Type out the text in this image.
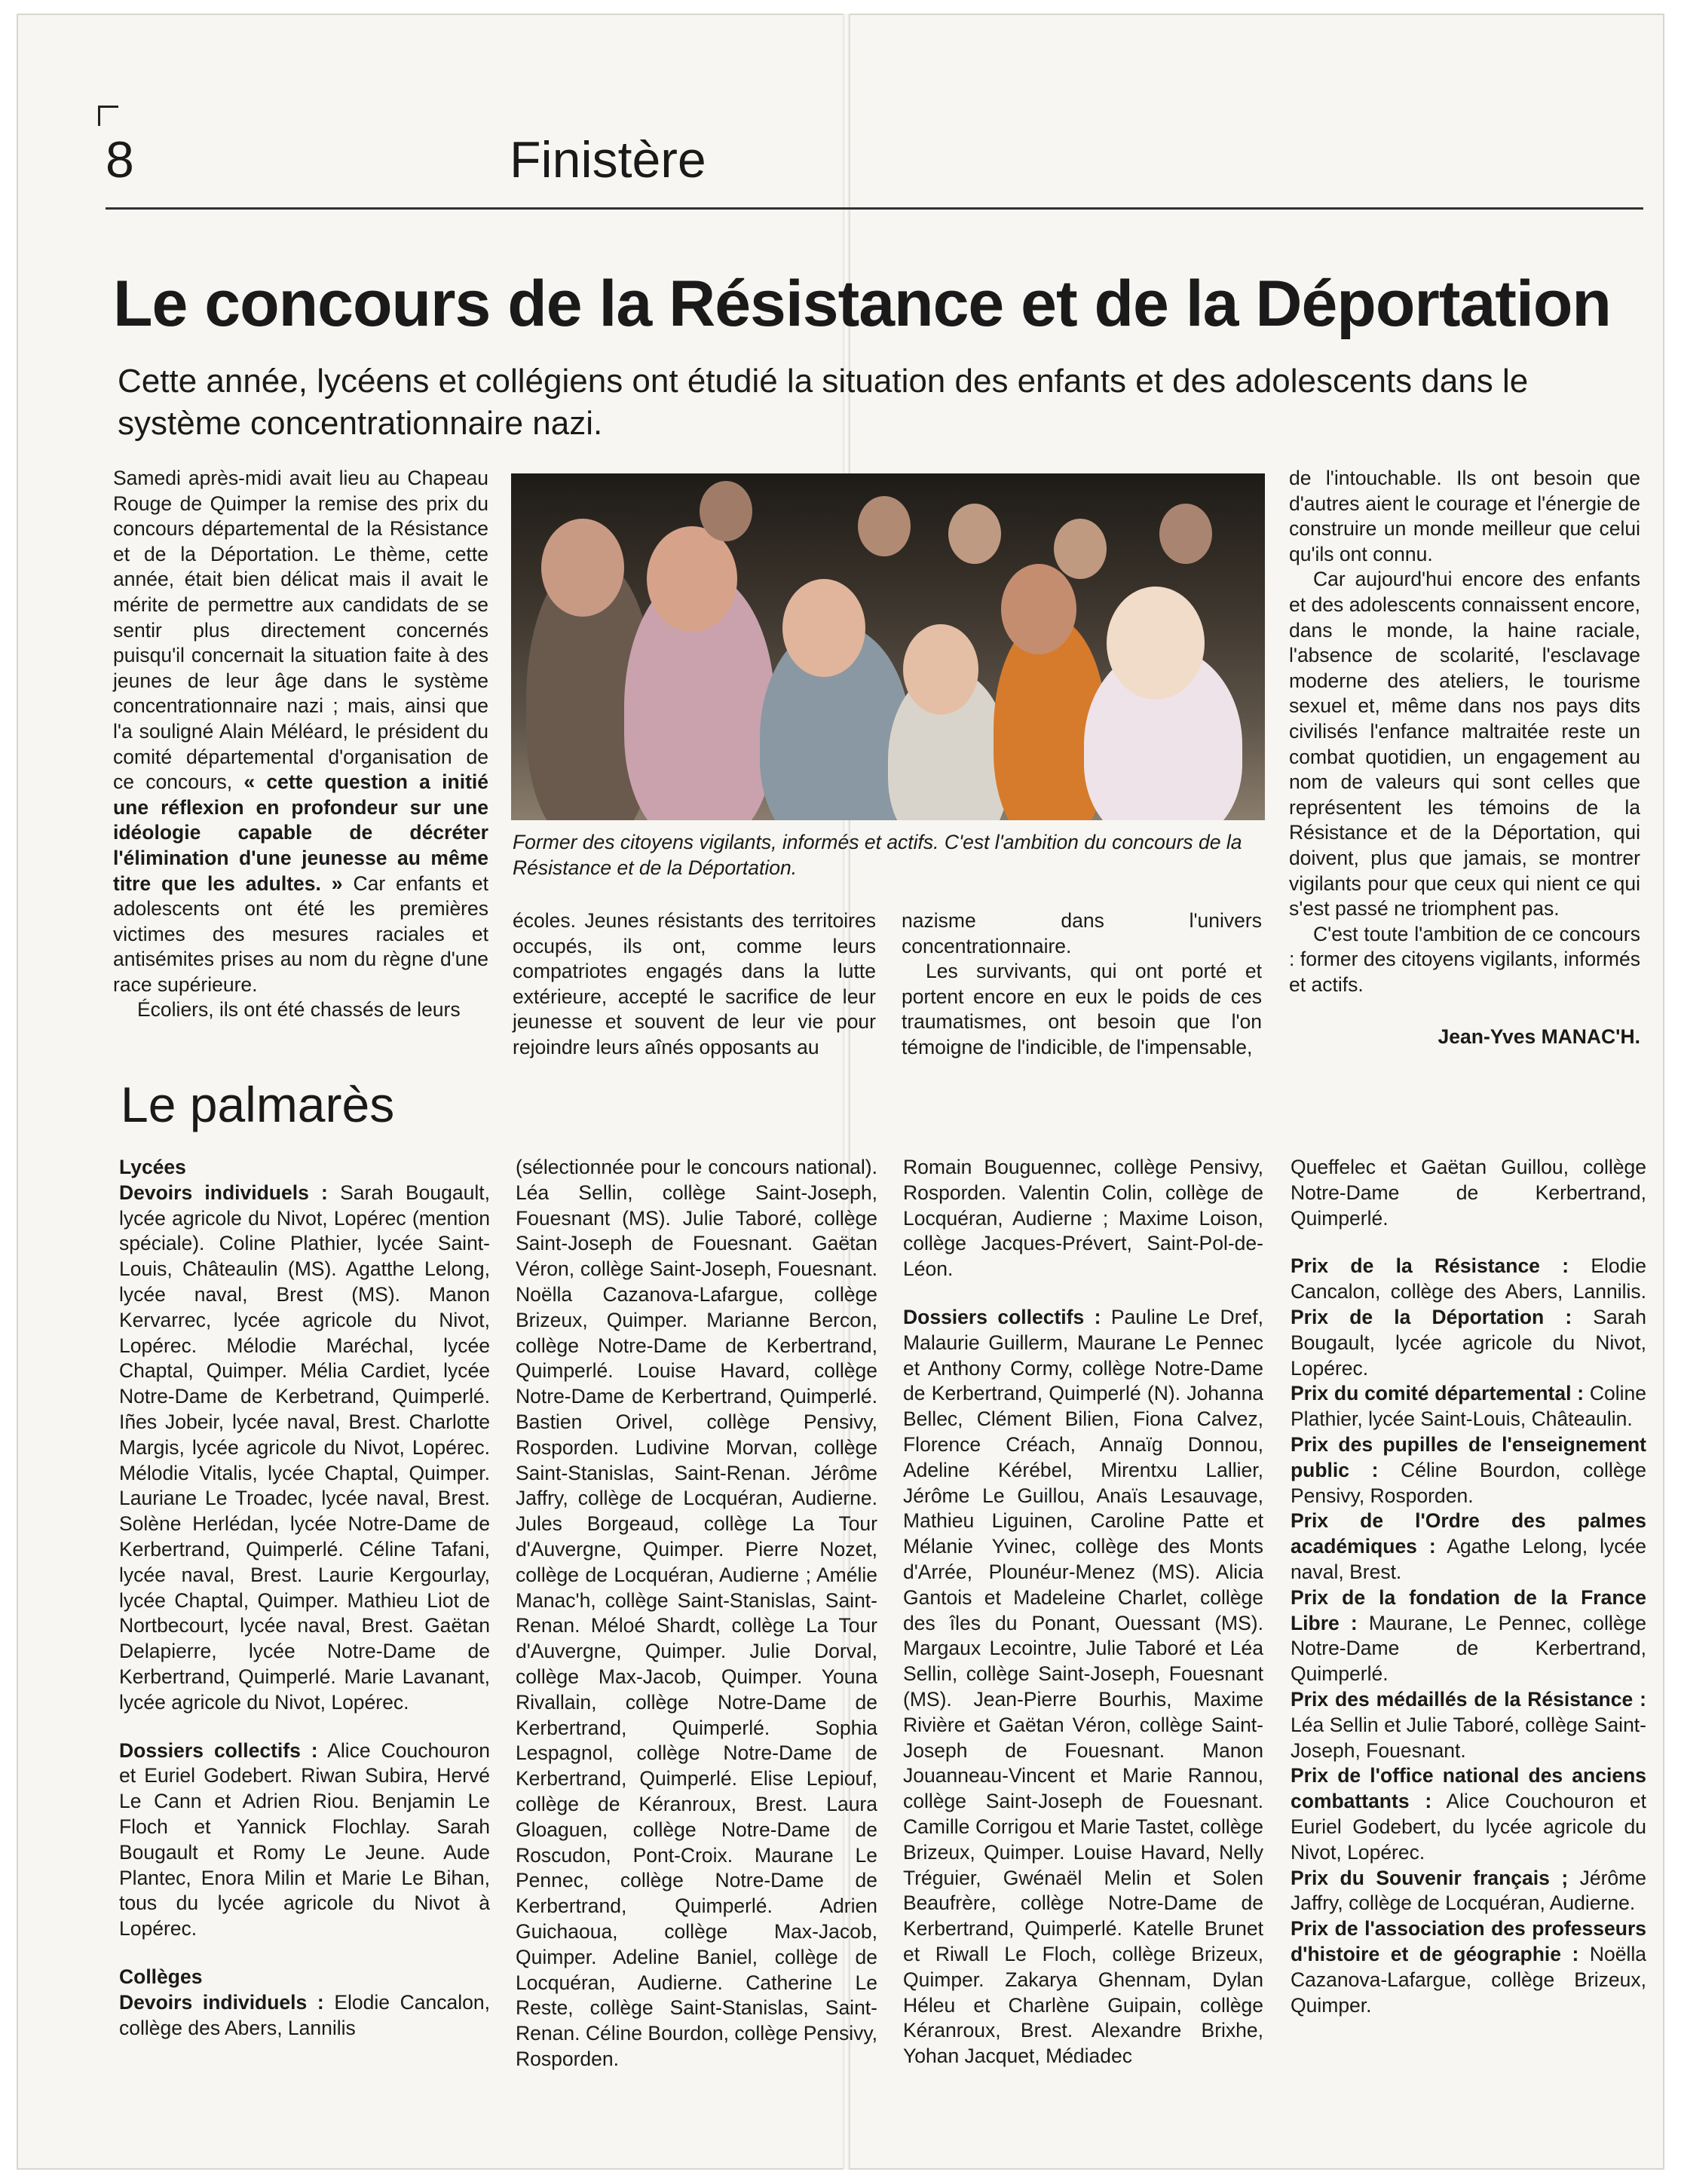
8	Finistère
Le concours de la Résistance et de la Déportation
Cette année, lycéens et collégiens ont étudié la situation des enfants et des adolescents dans le système concentrationnaire nazi.

Samedi après-midi avait lieu au Chapeau Rouge de Quimper la remise des prix du concours départemental de la Résistance et de la Déportation. Le thème, cette année, était bien délicat mais il avait le mérite de permettre aux candidats de se sentir plus directement concernés puisqu'il concernait la situation faite à des jeunes de leur âge dans le système concentrationnaire nazi ; mais, ainsi que l'a souligné Alain Méléard, le président du comité départemental d'organisation de ce concours, « cette question a initié une réflexion en profondeur sur une idéologie capable de décréter l'élimination d'une jeunesse au même titre que les adultes. » Car enfants et adolescents ont été les premières victimes des mesures raciales et antisémites prises au nom du règne d'une race supérieure.

Écoliers, ils ont été chassés de leurs

Former des citoyens vigilants, informés et actifs. C'est l'ambition du concours de la Résistance et de la Déportation.

écoles. Jeunes résistants des territoires occupés, ils ont, comme leurs compatriotes engagés dans la lutte extérieure, accepté le sacrifice de leur jeunesse et souvent de leur vie pour rejoindre leurs aînés opposants au

nazisme dans l'univers concentrationnaire.

Les survivants, qui ont porté et portent encore en eux le poids de ces traumatismes, ont besoin que l'on témoigne de l'indicible, de l'impensable,

de l'intouchable. Ils ont besoin que d'autres aient le courage et l'énergie de construire un monde meilleur que celui qu'ils ont connu.

Car aujourd'hui encore des enfants et des adolescents connaissent encore, dans le monde, la haine raciale, l'absence de scolarité, l'esclavage moderne des ateliers, le tourisme sexuel et, même dans nos pays dits civilisés l'enfance maltraitée reste un combat quotidien, un engagement au nom de valeurs qui sont celles que représentent les témoins de la Résistance et de la Déportation, qui doivent, plus que jamais, se montrer vigilants pour que ceux qui nient ce qui s'est passé ne triomphent pas.

C'est toute l'ambition de ce concours : former des citoyens vigilants, informés et actifs.

Jean-Yves MANAC'H.
Le palmarès

Lycées
Devoirs individuels : Sarah Bougault, lycée agricole du Nivot, Lopérec (mention spéciale). Coline Plathier, lycée Saint-Louis, Châteaulin (MS). Agatthe Lelong, lycée naval, Brest (MS). Manon Kervarrec, lycée agricole du Nivot, Lopérec. Mélodie Maréchal, lycée Chaptal, Quimper. Mélia Cardiet, lycée Notre-Dame de Kerbetrand, Quimperlé. Iñes Jobeir, lycée naval, Brest. Charlotte Margis, lycée agricole du Nivot, Lopérec. Mélodie Vitalis, lycée Chaptal, Quimper. Lauriane Le Troadec, lycée naval, Brest. Solène Herlédan, lycée Notre-Dame de Kerbertrand, Quimperlé. Céline Tafani, lycée naval, Brest. Laurie Kergourlay, lycée Chaptal, Quimper. Mathieu Liot de Nortbecourt, lycée naval, Brest. Gaëtan Delapierre, lycée Notre-Dame de Kerbertrand, Quimperlé. Marie Lavanant, lycée agricole du Nivot, Lopérec.

Dossiers collectifs : Alice Couchouron et Euriel Godebert. Riwan Subira, Hervé Le Cann et Adrien Riou. Benjamin Le Floch et Yannick Flochlay. Sarah Bougault et Romy Le Jeune. Aude Plantec, Enora Milin et Marie Le Bihan, tous du lycée agricole du Nivot à Lopérec.

Collèges
Devoirs individuels : Elodie Cancalon, collège des Abers, Lannilis

(sélectionnée pour le concours national). Léa Sellin, collège Saint-Joseph, Fouesnant (MS). Julie Taboré, collège Saint-Joseph de Fouesnant. Gaëtan Véron, collège Saint-Joseph, Fouesnant. Noëlla Cazanova-Lafargue, collège Brizeux, Quimper. Marianne Bercon, collège Notre-Dame de Kerbertrand, Quimperlé. Louise Havard, collège Notre-Dame de Kerbertrand, Quimperlé. Bastien Orivel, collège Pensivy, Rosporden. Ludivine Morvan, collège Saint-Stanislas, Saint-Renan. Jérôme Jaffry, collège de Locquéran, Audierne. Jules Borgeaud, collège La Tour d'Auvergne, Quimper. Pierre Nozet, collège de Locquéran, Audierne ; Amélie Manac'h, collège Saint-Stanislas, Saint-Renan. Méloé Shardt, collège La Tour d'Auvergne, Quimper. Julie Dorval, collège Max-Jacob, Quimper. Youna Rivallain, collège Notre-Dame de Kerbertrand, Quimperlé. Sophia Lespagnol, collège Notre-Dame de Kerbertrand, Quimperlé. Elise Lepiouf, collège de Kéranroux, Brest. Laura Gloaguen, collège Notre-Dame de Roscudon, Pont-Croix. Maurane Le Pennec, collège Notre-Dame de Kerbertrand, Quimperlé. Adrien Guichaoua, collège Max-Jacob, Quimper. Adeline Baniel, collège de Locquéran, Audierne. Catherine Le Reste, collège Saint-Stanislas, Saint-Renan. Céline Bourdon, collège Pensivy, Rosporden.

Romain Bouguennec, collège Pensivy, Rosporden. Valentin Colin, collège de Locquéran, Audierne ; Maxime Loison, collège Jacques-Prévert, Saint-Pol-de-Léon.

Dossiers collectifs : Pauline Le Dref, Malaurie Guillerm, Maurane Le Pennec et Anthony Cormy, collège Notre-Dame de Kerbertrand, Quimperlé (N). Johanna Bellec, Clément Bilien, Fiona Calvez, Florence Créach, Annaïg Donnou, Adeline Kérébel, Mirentxu Lallier, Jérôme Le Guillou, Anaïs Lesauvage, Mathieu Liguinen, Caroline Patte et Mélanie Yvinec, collège des Monts d'Arrée, Plounéur-Menez (MS). Alicia Gantois et Madeleine Charlet, collège des îles du Ponant, Ouessant (MS). Margaux Lecointre, Julie Taboré et Léa Sellin, collège Saint-Joseph, Fouesnant (MS). Jean-Pierre Bourhis, Maxime Rivière et Gaëtan Véron, collège Saint-Joseph de Fouesnant. Manon Jouanneau-Vincent et Marie Rannou, collège Saint-Joseph de Fouesnant. Camille Corrigou et Marie Tastet, collège Brizeux, Quimper. Louise Havard, Nelly Tréguier, Gwénaël Melin et Solen Beaufrère, collège Notre-Dame de Kerbertrand, Quimperlé. Katelle Brunet et Riwall Le Floch, collège Brizeux, Quimper. Zakarya Ghennam, Dylan Héleu et Charlène Guipain, collège Kéranroux, Brest. Alexandre Brixhe, Yohan Jacquet, Médiadec

Queffelec et Gaëtan Guillou, collège Notre-Dame de Kerbertrand, Quimperlé.

Prix de la Résistance : Elodie Cancalon, collège des Abers, Lannilis. Prix de la Déportation : Sarah Bougault, lycée agricole du Nivot, Lopérec.

Prix du comité départemental : Coline Plathier, lycée Saint-Louis, Châteaulin.

Prix des pupilles de l'enseignement public : Céline Bourdon, collège Pensivy, Rosporden.

Prix de l'Ordre des palmes académiques : Agathe Lelong, lycée naval, Brest.

Prix de la fondation de la France Libre : Maurane, Le Pennec, collège Notre-Dame de Kerbertrand, Quimperlé.

Prix des médaillés de la Résistance : Léa Sellin et Julie Taboré, collège Saint-Joseph, Fouesnant.

Prix de l'office national des anciens combattants : Alice Couchouron et Euriel Godebert, du lycée agricole du Nivot, Lopérec.

Prix du Souvenir français ; Jérôme Jaffry, collège de Locquéran, Audierne.

Prix de l'association des professeurs d'histoire et de géographie : Noëlla Cazanova-Lafargue, collège Brizeux, Quimper.
